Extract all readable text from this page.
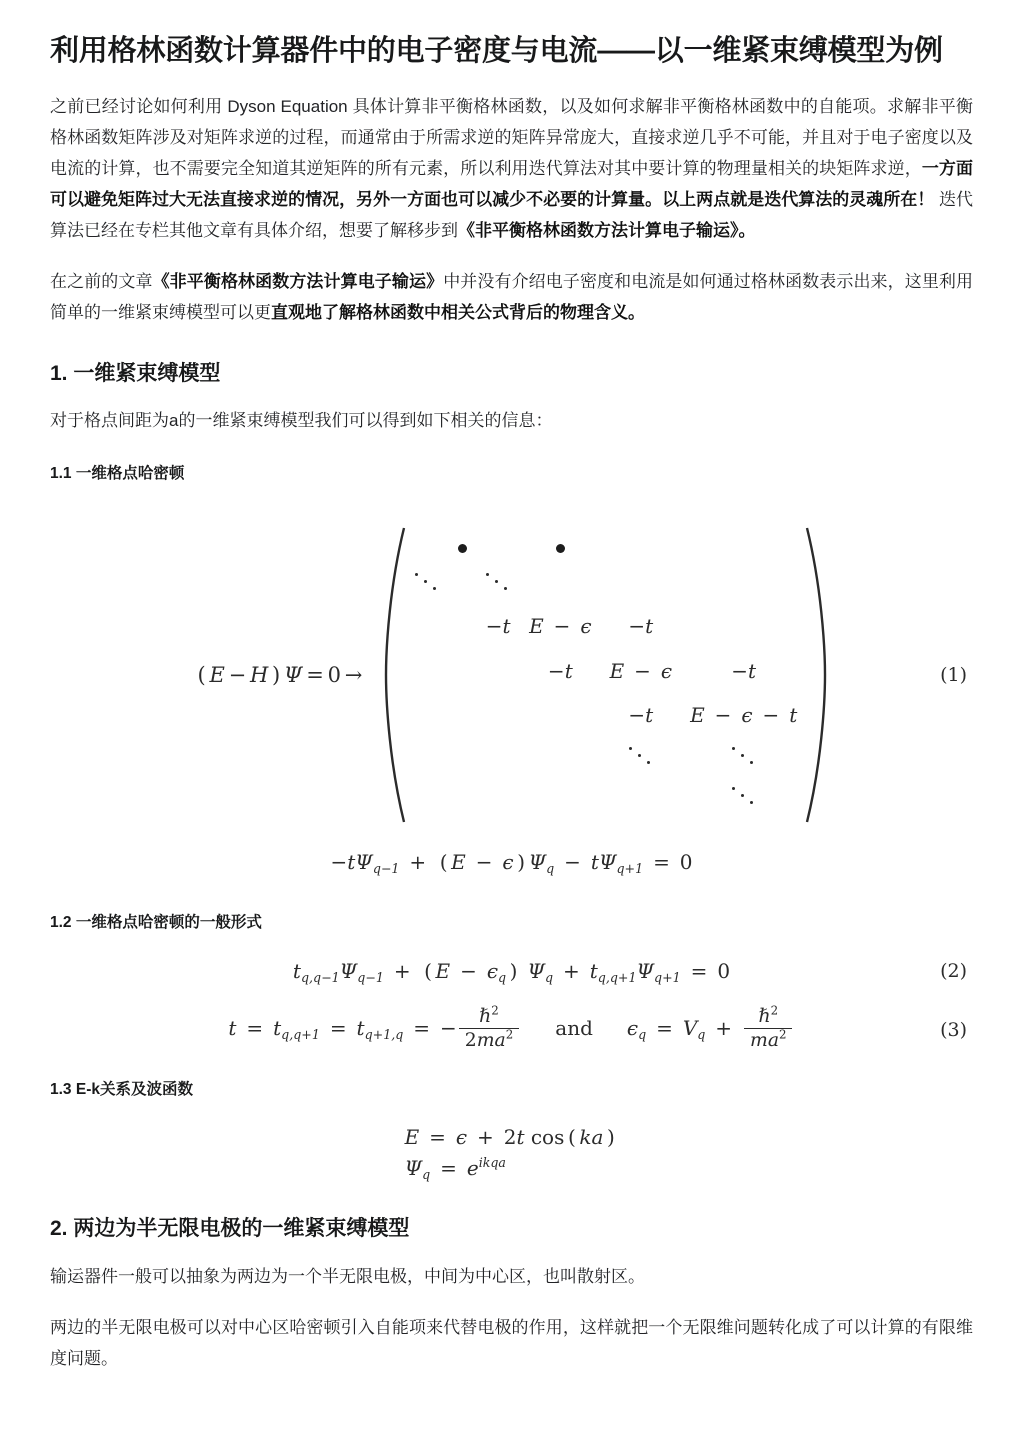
利用格林函数计算器件中的电子密度与电流——以一维紧束缚模型为例

之前已经讨论如何利用 Dyson Equation 具体计算非平衡格林函数，以及如何求解非平衡格林函数中的自能项。求解非平衡格林函数矩阵涉及对矩阵求逆的过程，而通常由于所需求逆的矩阵异常庞大，直接求逆几乎不可能，并且对于电子密度以及电流的计算，也不需要完全知道其逆矩阵的所有元素，所以利用迭代算法对其中要计算的物理量相关的块矩阵求逆，一方面可以避免矩阵过大无法直接求逆的情况，另外一方面也可以减少不必要的计算量。以上两点就是迭代算法的灵魂所在！ 迭代算法已经在专栏其他文章有具体介绍，想要了解移步到《非平衡格林函数方法计算电子输运》。

在之前的文章《非平衡格林函数方法计算电子输运》中并没有介绍电子密度和电流是如何通过格林函数表示出来，这里利用简单的一维紧束缚模型可以更直观地了解格林函数中相关公式背后的物理含义。

1. 一维紧束缚模型

对于格点间距为a的一维紧束缚模型我们可以得到如下相关的信息：

1.1 一维格点哈密顿
( E − H ) Ψ = 0 →
−t E − ϵ −t
−t E − ϵ	−t
−t E − ϵ − t
(1)
$-t\Psi_{q-1}$ + ( E − ϵ ) $\Psi_q - t\Psi_{q+1} = 0$
1.2 一维格点哈密顿的一般形式
$t_{q,q-1}\Psi_{q-1}$ + ( $E - \epsilon_q$ ) $\Psi_q + t_{q,q+1}\Psi_{q+1} = 0$	(2)
$t = t_{q,q+1} = t_{q+1,q}$ = − $\frac{\hbar^2}{2ma^2}$ and $\epsilon_q = V_q + \frac{\hbar^2}{ma^2}$	(3)
1.3 E-k关系及波函数
E = ϵ + 2t cos ( ka )
$\Psi_q = e^{ikqa}$
2. 两边为半无限电极的一维紧束缚模型

输运器件一般可以抽象为两边为一个半无限电极，中间为中心区，也叫散射区。

两边的半无限电极可以对中心区哈密顿引入自能项来代替电极的作用，这样就把一个无限维问题转化成了可以计算的有限维度问题。
